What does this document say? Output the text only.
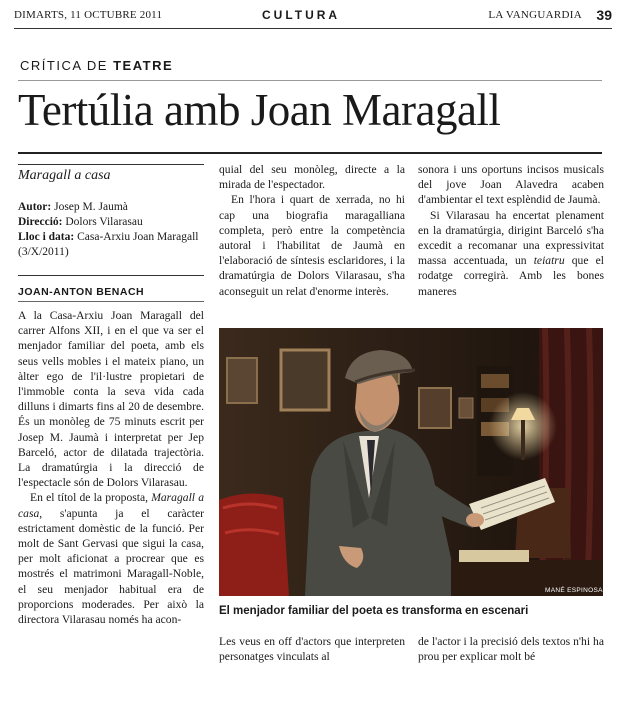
DIMARTS, 11 OCTUBRE 2011	CULTURA	LA VANGUARDIA 39
CRÍTICA DE TEATRE
Tertúlia amb Joan Maragall
Maragall a casa
Autor: Josep M. Jaumà
Direcció: Dolors Vilarasau
Lloc i data: Casa-Arxiu Joan Maragall (3/X/2011)
JOAN-ANTON BENACH

A la Casa-Arxiu Joan Maragall del carrer Alfons XII, i en el que va ser el menjador familiar del poeta, amb els seus vells mobles i el mateix piano, un àlter ego de l'il·lustre propietari de l'immoble conta la seva vida cada dilluns i dimarts fins al 20 de desembre. És un monòleg de 75 minuts escrit per Josep M. Jaumà i interpretat per Jep Barceló, actor de dilatada trajectòria. La dramatúrgia i la direcció de l'espectacle són de Dolors Vilarasau.

En el títol de la proposta, Maragall a casa, s'apunta ja el caràcter estrictament domèstic de la funció. Per molt de Sant Gervasi que sigui la casa, per molt aficionat a procrear que es mostrés el matrimoni Maragall-Noble, el seu menjador habitual era de proporcions moderades. Per això la directora Vilarasau només ha acon-

quial del seu monòleg, directe a la mirada de l'espectador.

En l'hora i quart de xerrada, no hi cap una biografia maragalliana completa, però entre la competència autoral i l'habilitat de Jaumà en l'elaboració de síntesis esclaridores, i la dramatúrgia de Dolors Vilarasau, s'ha aconseguit un relat d'enorme interès.

sonora i uns oportuns incisos musicals del jove Joan Alavedra acaben d'ambientar el text esplèndid de Jaumà.

Si Vilarasau ha encertat plenament en la dramatúrgia, dirigint Barceló s'ha excedit a recomanar una expressivitat massa accentuada, un teiatru que el rodatge corregirà. Amb les bones maneres

MANÉ ESPINOSA
El menjador familiar del poeta es transforma en escenari

Les veus en off d'actors que interpreten personatges vinculats al

de l'actor i la precisió dels textos n'hi ha prou per explicar molt bé
